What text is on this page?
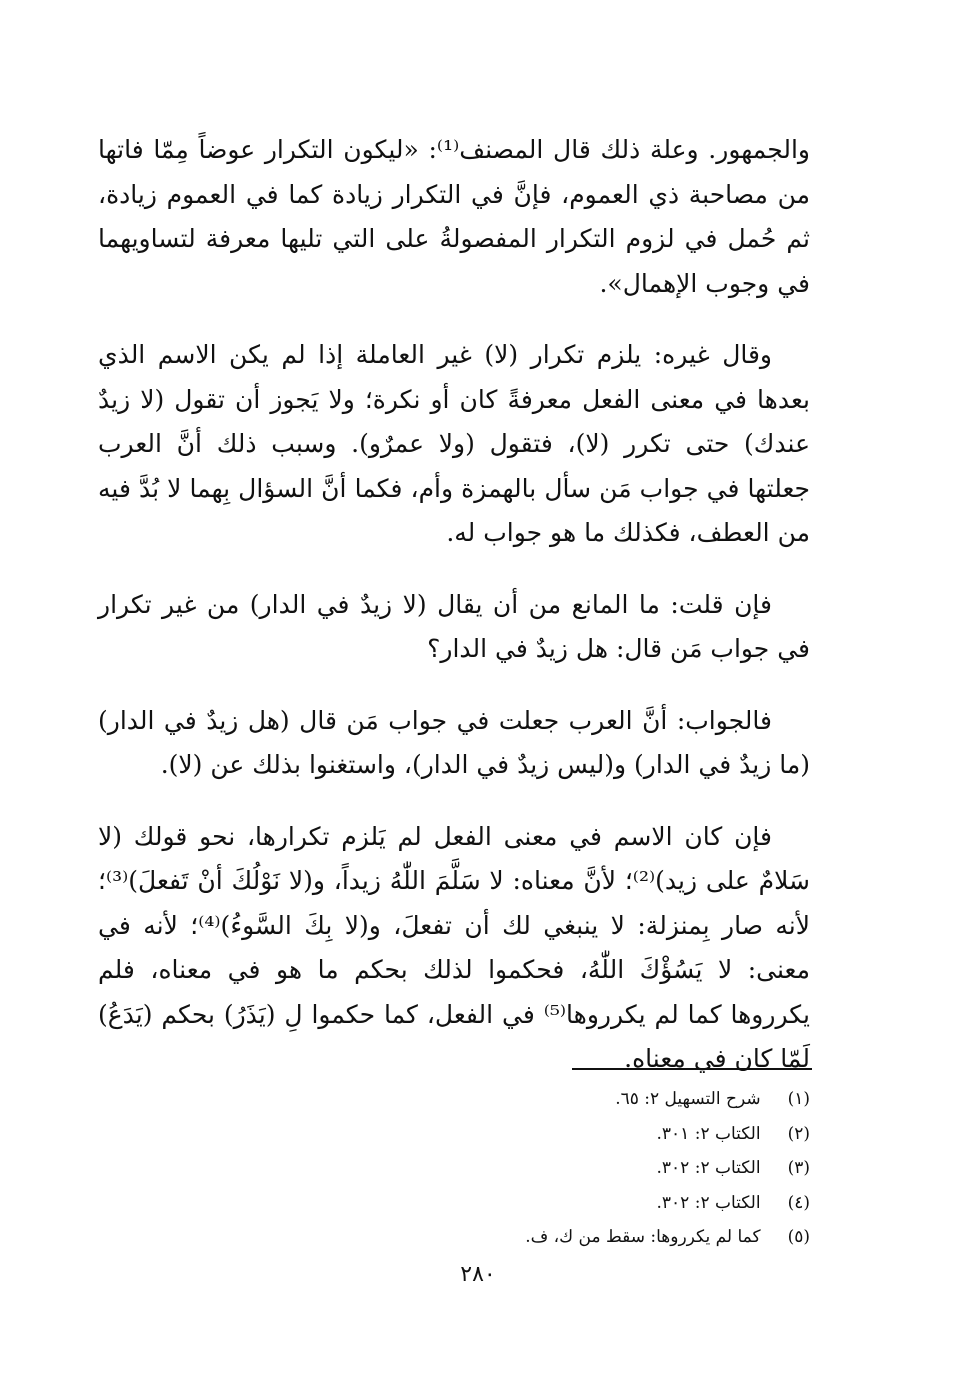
والجمهور. وعلة ذلك قال المصنف⁽¹⁾: «ليكون التكرار عوضاً مِمّا فاتها من مصاحبة ذي العموم، فإنَّ في التكرار زيادة كما في العموم زيادة، ثم حُمل في لزوم التكرار المفصولةُ على التي تليها معرفة لتساويهما في وجوب الإهمال».

وقال غيره: يلزم تكرار (لا) غير العاملة إذا لم يكن الاسم الذي بعدها في معنى الفعل معرفةً كان أو نكرة؛ ولا يَجوز أن تقول (لا زيدٌ عندك) حتى تكرر (لا)، فتقول (ولا عمرٌو). وسبب ذلك أنَّ العرب جعلتها في جواب مَن سأل بالهمزة وأم، فكما أنَّ السؤال بِهما لا بُدَّ فيه من العطف، فكذلك ما هو جواب له.

فإن قلت: ما المانع من أن يقال (لا زيدٌ في الدار) من غير تكرار في جواب مَن قال: هل زيدٌ في الدار؟

فالجواب: أنَّ العرب جعلت في جواب مَن قال (هل زيدٌ في الدار) (ما زيدٌ في الدار) و(ليس زيدٌ في الدار)، واستغنوا بذلك عن (لا).

فإن كان الاسم في معنى الفعل لم يَلزم تكرارها، نحو قولك (لا سَلامٌ على زيد)⁽²⁾؛ لأنَّ معناه: لا سَلَّمَ اللّٰهُ زيداً، و(لا نَوْلُكَ أنْ تَفعلَ)⁽³⁾؛ لأنه صار بِمنزلة: لا ينبغي لك أن تفعلَ، و(لا بِكَ السَّوءُ)⁽⁴⁾؛ لأنه في معنى: لا يَسُؤْكَ اللّٰهُ، فحكموا لذلك بحكم ما هو في معناه، فلم يكرروها كما لم يكرروها⁽⁵⁾ في الفعل، كما حكموا لِ (يَذَرُ) بحكم (يَدَعُ) لَمّا كان في معناه.

(١) شرح التسهيل ٢: ٦٥.
(٢) الكتاب ٢: ٣٠١.
(٣) الكتاب ٢: ٣٠٢.
(٤) الكتاب ٢: ٣٠٢.
(٥) كما لم يكرروها: سقط من ك، ف.
٢٨٠
